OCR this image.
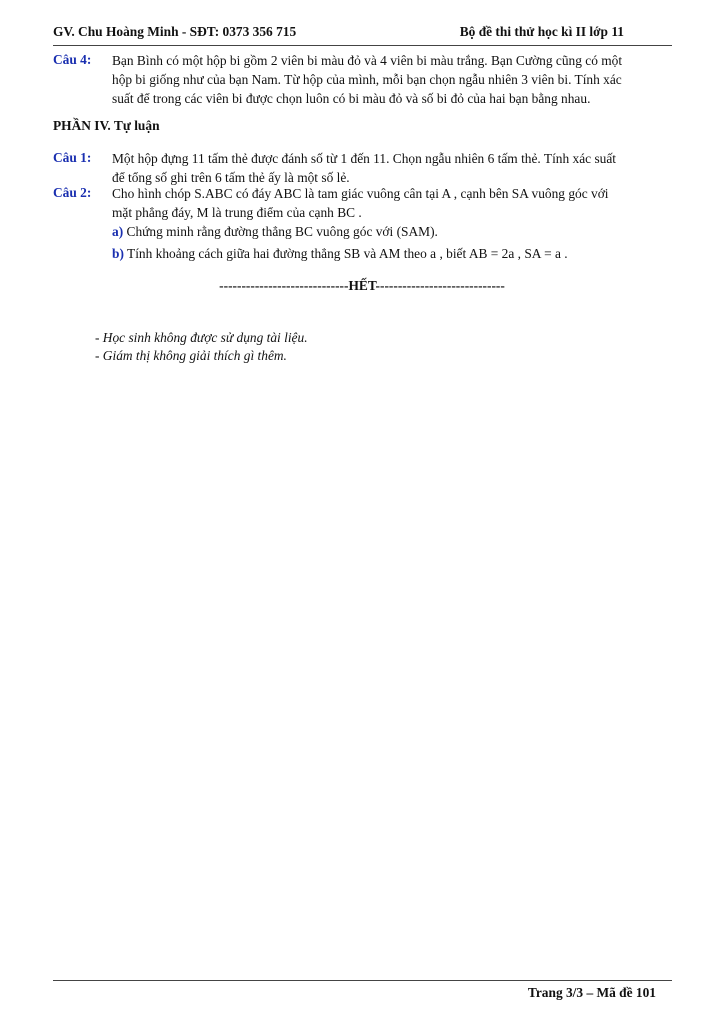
GV. Chu Hoàng Minh - SĐT: 0373 356 715	Bộ đề thi thử học kì II lớp 11
Câu 4: Bạn Bình có một hộp bi gồm 2 viên bi màu đỏ và 4 viên bi màu trắng. Bạn Cường cũng có một
hộp bi giống như của bạn Nam. Từ hộp của mình, mỗi bạn chọn ngẫu nhiên 3 viên bi. Tính xác
suất để trong các viên bi được chọn luôn có bi màu đỏ và số bi đỏ của hai bạn bằng nhau.
PHẦN IV. Tự luận
Câu 1: Một hộp đựng 11 tấm thẻ được đánh số từ 1 đến 11. Chọn ngẫu nhiên 6 tấm thẻ. Tính xác suất
để tổng số ghi trên 6 tấm thẻ ấy là một số lẻ.
Câu 2: Cho hình chóp S.ABC có đáy ABC là tam giác vuông cân tại A , cạnh bên SA vuông góc với
mặt phẳng đáy, M là trung điểm của cạnh BC .
a) Chứng minh rằng đường thẳng BC vuông góc với (SAM).
b) Tính khoảng cách giữa hai đường thẳng SB và AM theo a , biết AB = 2a , SA = a .
-----------------------------HẾT-----------------------------
- Học sinh không được sử dụng tài liệu.
- Giám thị không giải thích gì thêm.
Trang 3/3 – Mã đề 101
